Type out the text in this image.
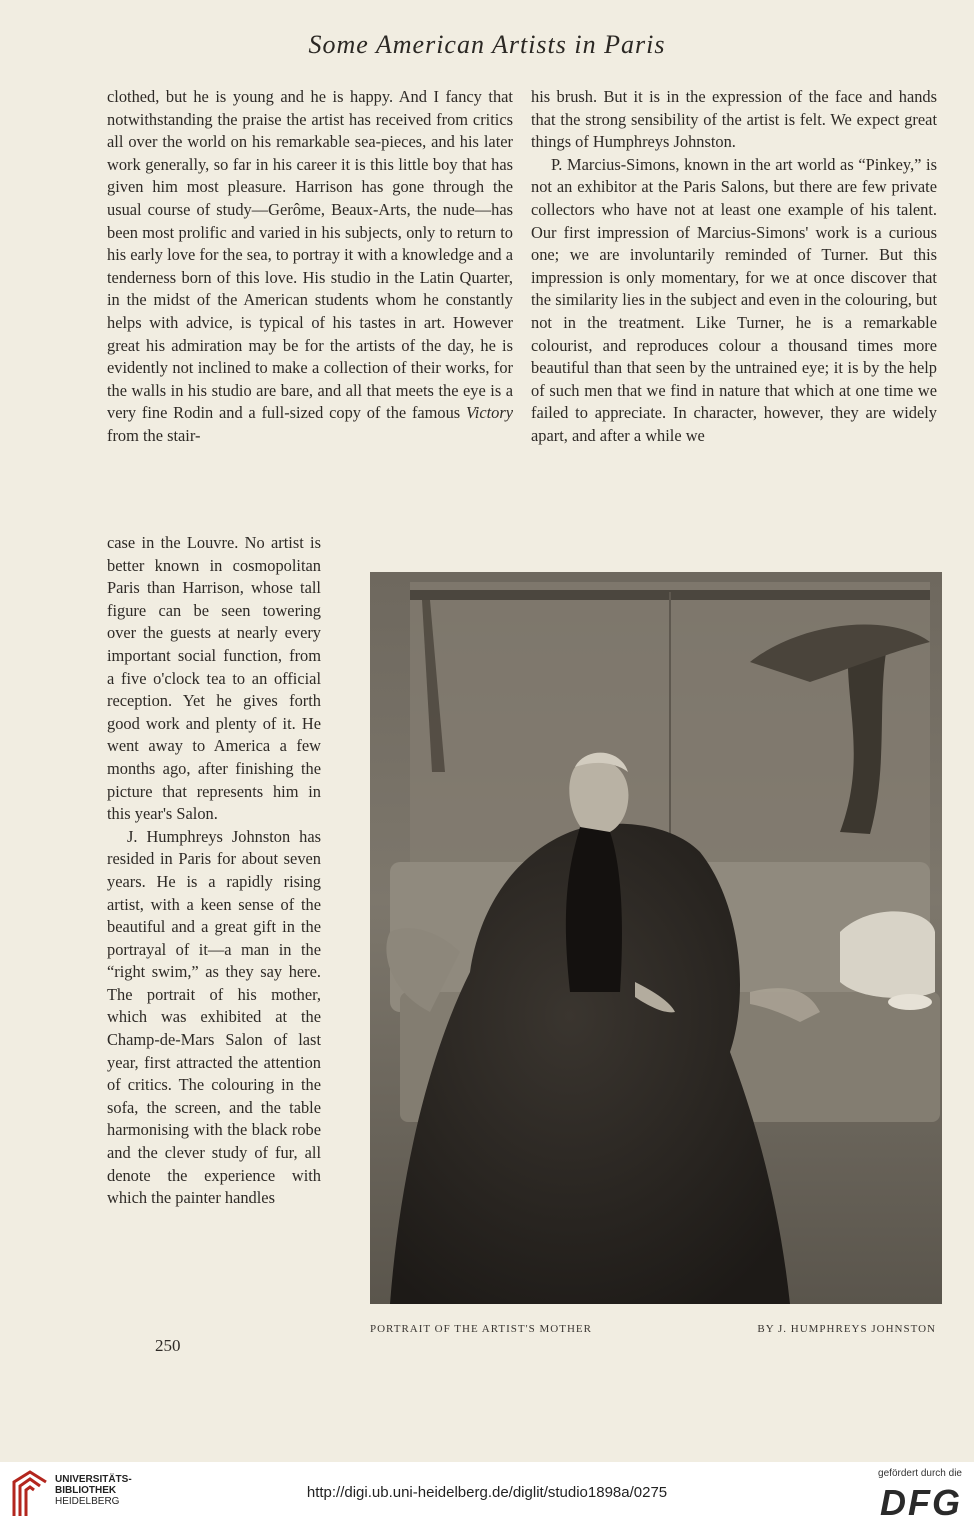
Some American Artists in Paris

clothed, but he is young and he is happy. And I fancy that notwithstanding the praise the artist has received from critics all over the world on his remarkable sea-pieces, and his later work generally, so far in his career it is this little boy that has given him most pleasure. Harrison has gone through the usual course of study—Gerôme, Beaux-Arts, the nude—has been most prolific and varied in his subjects, only to return to his early love for the sea, to portray it with a knowledge and a tenderness born of this love. His studio in the Latin Quarter, in the midst of the American students whom he constantly helps with advice, is typical of his tastes in art. However great his admiration may be for the artists of the day, he is evidently not inclined to make a collection of their works, for the walls in his studio are bare, and all that meets the eye is a very fine Rodin and a full-sized copy of the famous Victory from the stair-

case in the Louvre. No artist is better known in cosmopolitan Paris than Harrison, whose tall figure can be seen towering over the guests at nearly every important social function, from a five o'clock tea to an official reception. Yet he gives forth good work and plenty of it. He went away to America a few months ago, after finishing the picture that represents him in this year's Salon.

J. Humphreys Johnston has resided in Paris for about seven years. He is a rapidly rising artist, with a keen sense of the beautiful and a great gift in the portrayal of it—a man in the “right swim,” as they say here. The portrait of his mother, which was exhibited at the Champ-de-Mars Salon of last year, first attracted the attention of critics. The colouring in the sofa, the screen, and the table harmonising with the black robe and the clever study of fur, all denote the experience with which the painter handles

his brush. But it is in the expression of the face and hands that the strong sensibility of the artist is felt. We expect great things of Humphreys Johnston.

P. Marcius-Simons, known in the art world as “Pinkey,” is not an exhibitor at the Paris Salons, but there are few private collectors who have not at least one example of his talent. Our first impression of Marcius-Simons' work is a curious one; we are involuntarily reminded of Turner. But this impression is only momentary, for we at once discover that the similarity lies in the subject and even in the colouring, but not in the treatment. Like Turner, he is a remarkable colourist, and reproduces colour a thousand times more beautiful than that seen by the untrained eye; it is by the help of such men that we find in nature that which at one time we failed to appreciate. In character, however, they are widely apart, and after a while we

PORTRAIT OF THE ARTIST'S MOTHER	BY J. HUMPHREYS JOHNSTON
250
UNIVERSITÄTS-
BIBLIOTHEK
HEIDELBERG
http://digi.ub.uni-heidelberg.de/diglit/studio1898a/0275
gefördert durch die
DFG
